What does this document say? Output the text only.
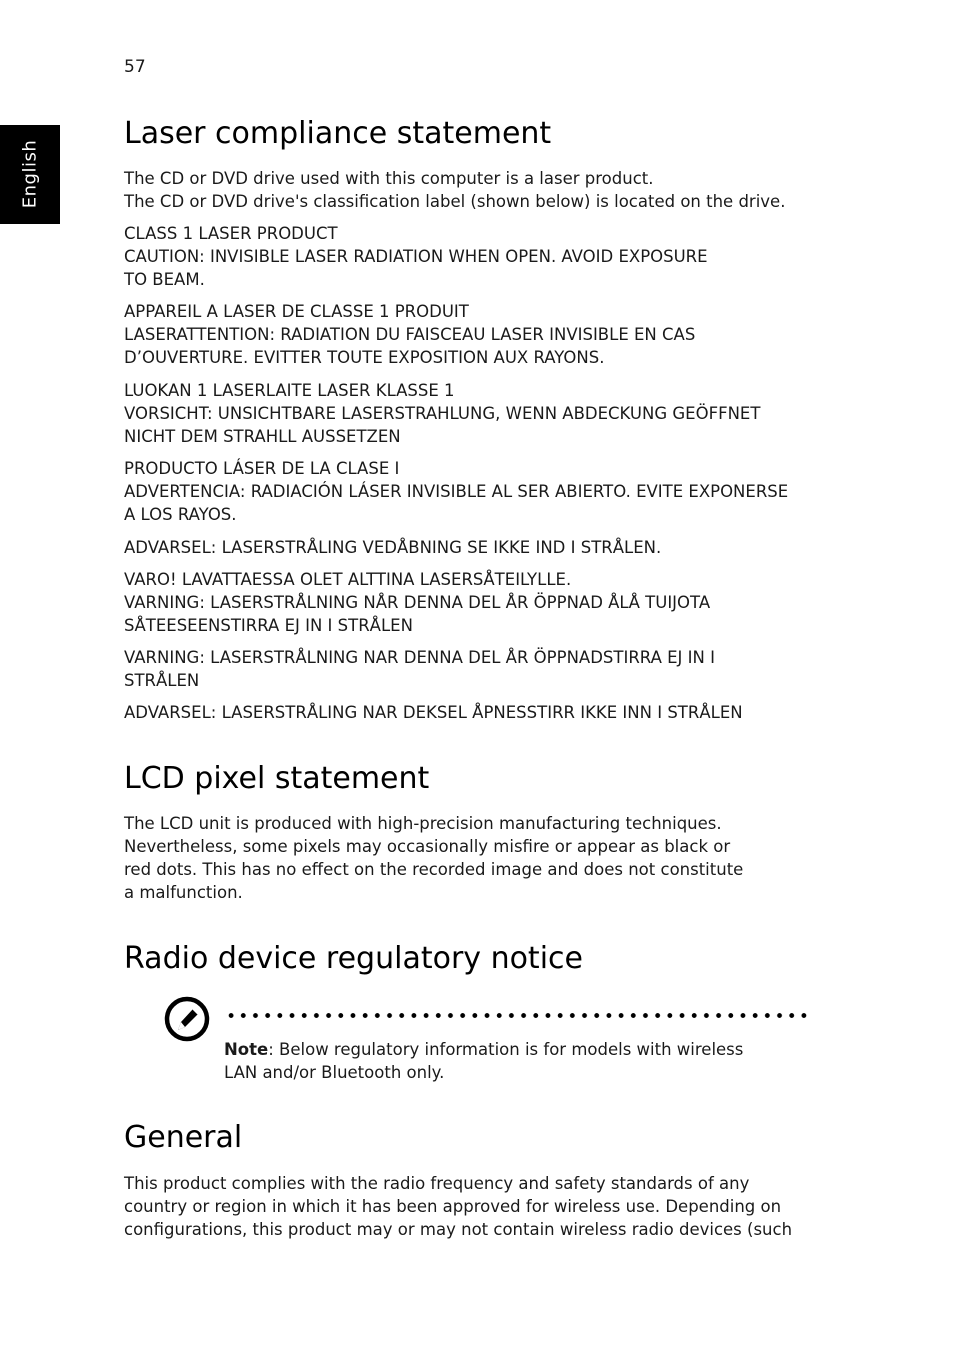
57
English
Laser compliance statement

The CD or DVD drive used with this computer is a laser product.
The CD or DVD drive's classification label (shown below) is located on the drive.

CLASS 1 LASER PRODUCT
CAUTION: INVISIBLE LASER RADIATION WHEN OPEN. AVOID EXPOSURE
TO BEAM.

APPAREIL A LASER DE CLASSE 1 PRODUIT
LASERATTENTION: RADIATION DU FAISCEAU LASER INVISIBLE EN CAS
D’OUVERTURE. EVITTER TOUTE EXPOSITION AUX RAYONS.

LUOKAN 1 LASERLAITE LASER KLASSE 1
VORSICHT: UNSICHTBARE LASERSTRAHLUNG, WENN ABDECKUNG GEÖFFNET
NICHT DEM STRAHLL AUSSETZEN

PRODUCTO LÁSER DE LA CLASE I
ADVERTENCIA: RADIACIÓN LÁSER INVISIBLE AL SER ABIERTO. EVITE EXPONERSE
A LOS RAYOS.

ADVARSEL: LASERSTRÅLING VEDÅBNING SE IKKE IND I STRÅLEN.

VARO! LAVATTAESSA OLET ALTTINA LASERSÅTEILYLLE.
VARNING: LASERSTRÅLNING NÅR DENNA DEL ÅR ÖPPNAD ÅLÅ TUIJOTA
SÅTEESEENSTIRRA EJ IN I STRÅLEN

VARNING: LASERSTRÅLNING NAR DENNA DEL ÅR ÖPPNADSTIRRA EJ IN I
STRÅLEN

ADVARSEL: LASERSTRÅLING NAR DEKSEL ÅPNESSTIRR IKKE INN I STRÅLEN

LCD pixel statement

The LCD unit is produced with high-precision manufacturing techniques.
Nevertheless, some pixels may occasionally misfire or appear as black or
red dots. This has no effect on the recorded image and does not constitute
a malfunction.

Radio device regulatory notice
General

This product complies with the radio frequency and safety standards of any
country or region in which it has been approved for wireless use. Depending on
configurations, this product may or may not contain wireless radio devices (such

Note: Below regulatory information is for models with wireless
LAN and/or Bluetooth only.
